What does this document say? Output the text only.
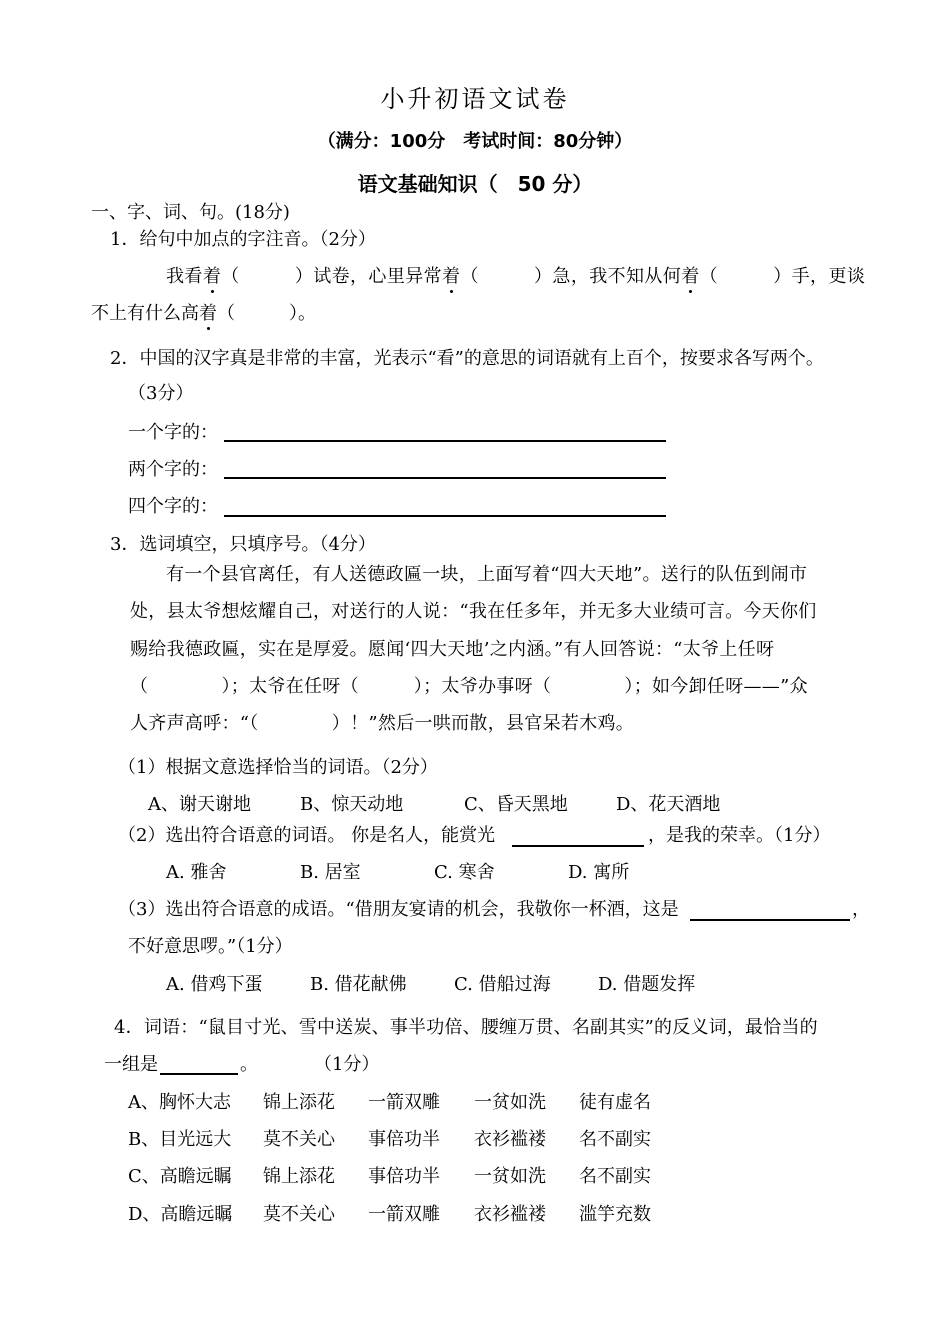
小升初语文试卷
（满分：100分　考试时间：80分钟）
语文基础知识（　50 分）
一、字、词、句。(18分)
1．给句中加点的字注音。（2分）
我看着（　　　）试卷，心里异常着（　　　）急，我不知从何着（　　　）手，更谈
不上有什么高着（　　　）。
2．中国的汉字真是非常的丰富，光表示“看”的意思的词语就有上百个，按要求各写两个。
（3分）
一个字的：
两个字的：
四个字的：
3．选词填空，只填序号。（4分）
有一个县官离任，有人送德政匾一块，上面写着“四大天地”。送行的队伍到闹市
处，县太爷想炫耀自己，对送行的人说：“我在任多年，并无多大业绩可言。今天你们
赐给我德政匾，实在是厚爱。愿闻‘四大天地’之内涵。”有人回答说：“太爷上任呀
（　　　　）；太爷在任呀（　　　）；太爷办事呀（　　　　）；如今卸任呀——”众
人齐声高呼：“（　　　　）！”然后一哄而散，县官呆若木鸡。
（1）根据文意选择恰当的词语。（2分）
A、谢天谢地	B、惊天动地	C、昏天黑地	D、花天酒地
（2）选出符合语意的词语。 你是名人，能赏光	，是我的荣幸。（1分）
A. 雅舍	B. 居室	C. 寒舍	D. 寓所
（3）选出符合语意的成语。“借朋友宴请的机会，我敬你一杯酒，这是	，
不好意思啰。”（1分）
A. 借鸡下蛋	B. 借花献佛	C. 借船过海	D. 借题发挥
4．词语：“鼠目寸光、雪中送炭、事半功倍、腰缠万贯、名副其实”的反义词，最恰当的
一组是	。	（1分）
A、胸怀大志 锦上添花 一箭双雕 一贫如洗 徒有虚名
B、目光远大 莫不关心 事倍功半 衣衫褴褛 名不副实
C、高瞻远瞩 锦上添花 事倍功半 一贫如洗 名不副实
D、高瞻远瞩 莫不关心 一箭双雕 衣衫褴褛 滥竽充数
